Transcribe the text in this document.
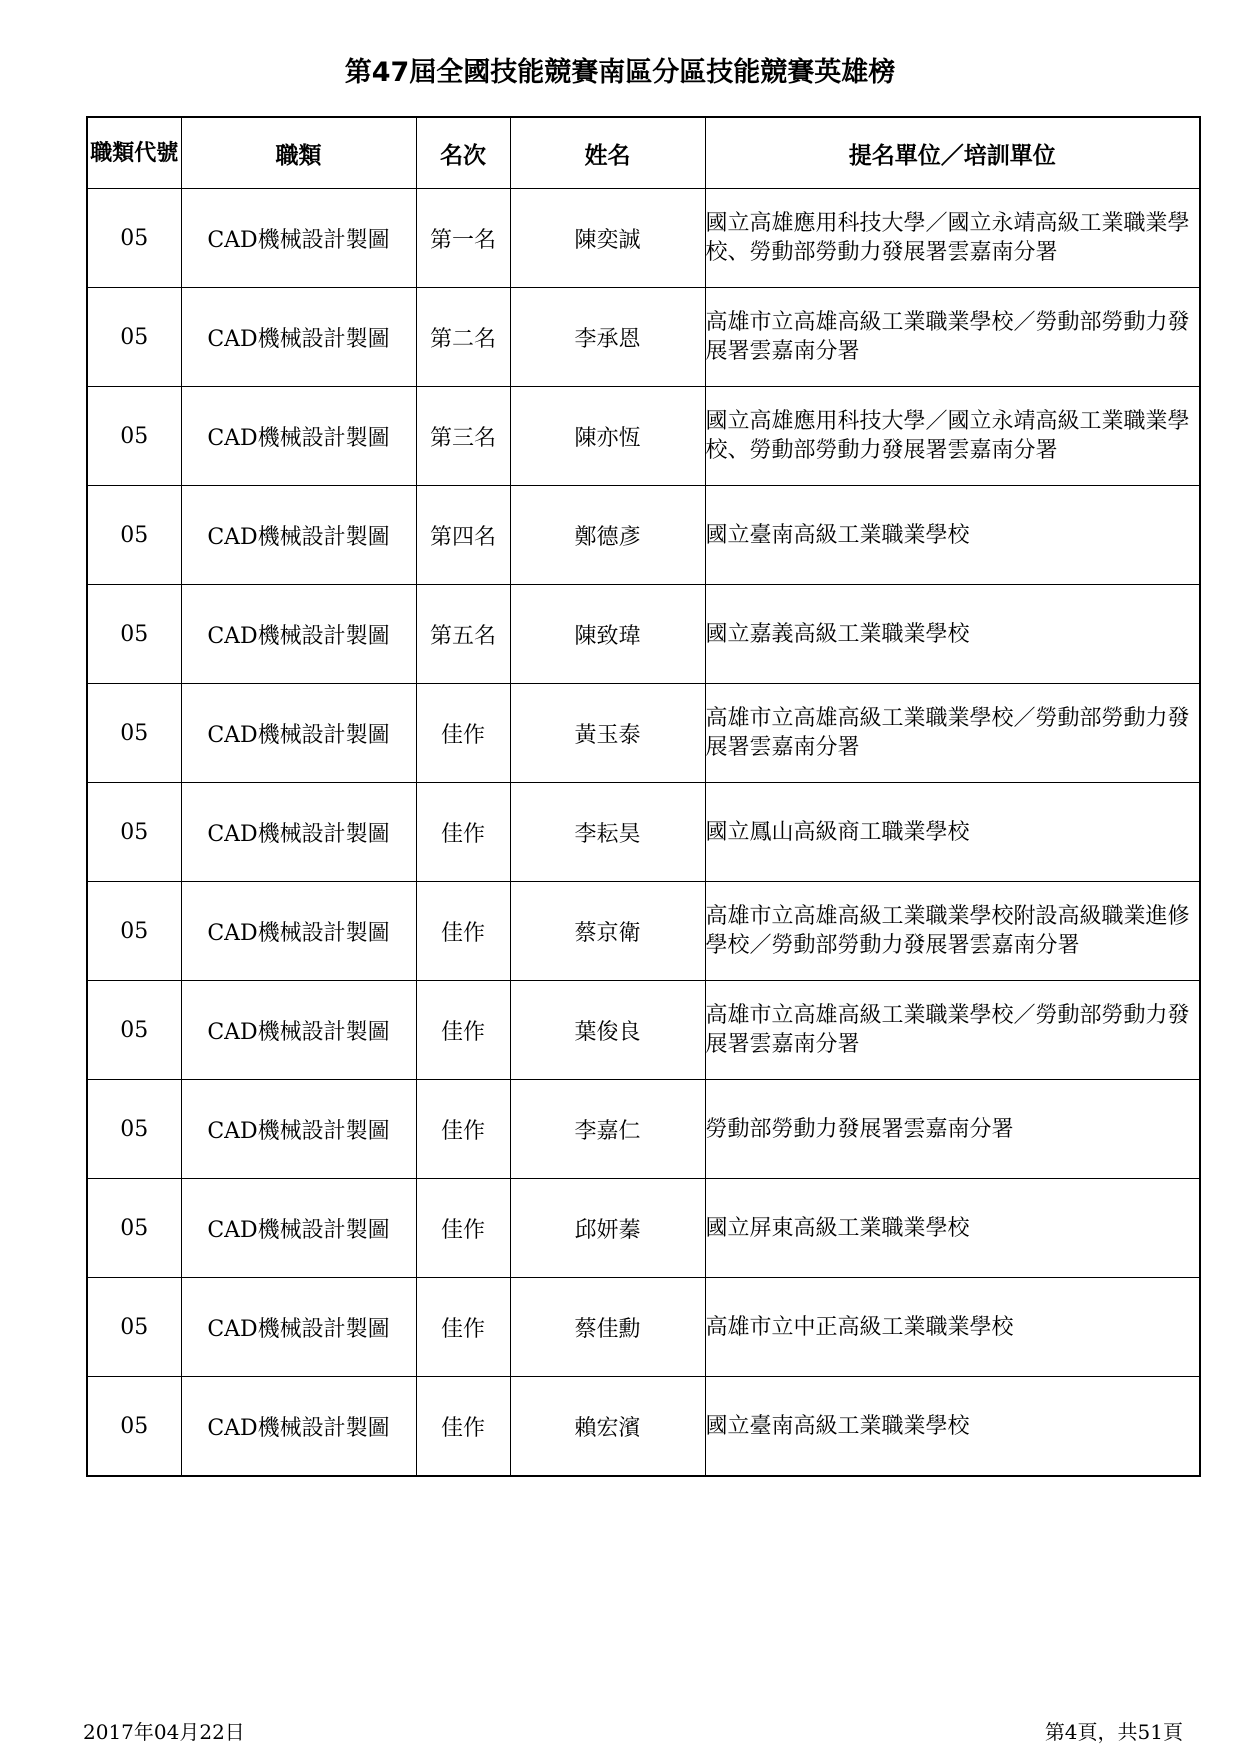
第47屆全國技能競賽南區分區技能競賽英雄榜
職類代號	職類	名次	姓名	提名單位／培訓單位
05	CAD機械設計製圖	第一名	陳奕誠	國立高雄應用科技大學／國立永靖高級工業職業學校、勞動部勞動力發展署雲嘉南分署
05	CAD機械設計製圖	第二名	李承恩	高雄市立高雄高級工業職業學校／勞動部勞動力發展署雲嘉南分署
05	CAD機械設計製圖	第三名	陳亦恆	國立高雄應用科技大學／國立永靖高級工業職業學校、勞動部勞動力發展署雲嘉南分署
05	CAD機械設計製圖	第四名	鄭德彥	國立臺南高級工業職業學校
05	CAD機械設計製圖	第五名	陳致瑋	國立嘉義高級工業職業學校
05	CAD機械設計製圖	佳作	黃玉泰	高雄市立高雄高級工業職業學校／勞動部勞動力發展署雲嘉南分署
05	CAD機械設計製圖	佳作	李耘昊	國立鳳山高級商工職業學校
05	CAD機械設計製圖	佳作	蔡京衛	高雄市立高雄高級工業職業學校附設高級職業進修學校／勞動部勞動力發展署雲嘉南分署
05	CAD機械設計製圖	佳作	葉俊良	高雄市立高雄高級工業職業學校／勞動部勞動力發展署雲嘉南分署
05	CAD機械設計製圖	佳作	李嘉仁	勞動部勞動力發展署雲嘉南分署
05	CAD機械設計製圖	佳作	邱妍蓁	國立屏東高級工業職業學校
05	CAD機械設計製圖	佳作	蔡佳勳	高雄市立中正高級工業職業學校
05	CAD機械設計製圖	佳作	賴宏濱	國立臺南高級工業職業學校
2017年04月22日	第4頁，共51頁
